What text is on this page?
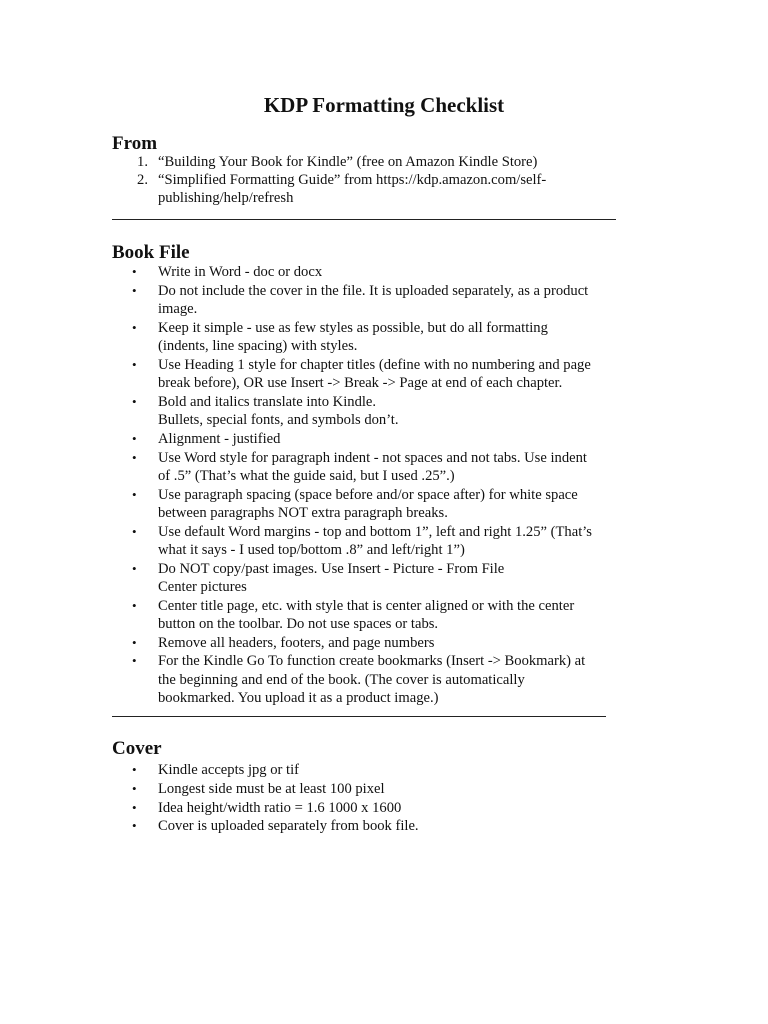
KDP Formatting Checklist
From
1. “Building Your Book for Kindle” (free on Amazon Kindle Store)
2. “Simplified Formatting Guide” from https://kdp.amazon.com/self-
publishing/help/refresh
Book File
•	Write in Word - doc or docx
•	Do not include the cover in the file. It is uploaded separately, as a product
image.
•	Keep it simple - use as few styles as possible, but do all formatting
(indents, line spacing) with styles.
•	Use Heading 1 style for chapter titles (define with no numbering and page
break before), OR use Insert -> Break -> Page at end of each chapter.
•	Bold and italics translate into Kindle.
Bullets, special fonts, and symbols don’t.
•	Alignment - justified
•	Use Word style for paragraph indent - not spaces and not tabs. Use indent
of .5” (That’s what the guide said, but I used .25”.)
•	Use paragraph spacing (space before and/or space after) for white space
between paragraphs NOT extra paragraph breaks.
•	Use default Word margins - top and bottom 1”, left and right 1.25” (That’s
what it says - I used top/bottom .8” and left/right 1”)
•	Do NOT copy/past images. Use Insert - Picture - From File
Center pictures
•	Center title page, etc. with style that is center aligned or with the center
button on the toolbar. Do not use spaces or tabs.
•	Remove all headers, footers, and page numbers
•	For the Kindle Go To function create bookmarks (Insert -> Bookmark) at
the beginning and end of the book. (The cover is automatically
bookmarked. You upload it as a product image.)
Cover
•	Kindle accepts jpg or tif
•	Longest side must be at least 100 pixel
•	Idea height/width ratio = 1.6 1000 x 1600
•	Cover is uploaded separately from book file.
